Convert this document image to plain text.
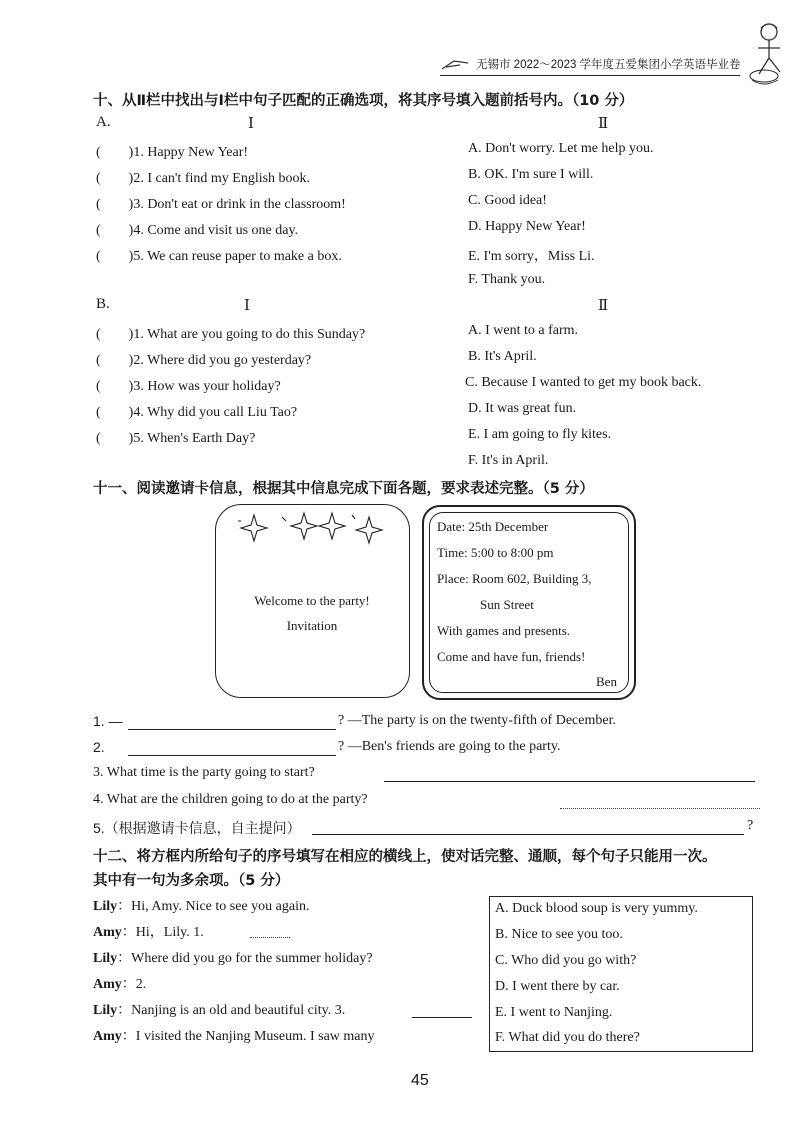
无锡市 2022～2023 学年度五爱集团小学英语毕业卷
十、从Ⅱ栏中找出与Ⅰ栏中句子匹配的正确选项，将其序号填入题前括号内。（10 分）
A.	Ⅰ	Ⅱ
(　　)1. Happy New Year!
(　　)2. I can't find my English book.
(　　)3. Don't eat or drink in the classroom!
(　　)4. Come and visit us one day.
(　　)5. We can reuse paper to make a box.
A. Don't worry. Let me help you.
B. OK. I'm sure I will.
C. Good idea!
D. Happy New Year!
E. I'm sorry，Miss Li.
F. Thank you.
B.	Ⅰ	Ⅱ
(　　)1. What are you going to do this Sunday?
(　　)2. Where did you go yesterday?
(　　)3. How was your holiday?
(　　)4. Why did you call Liu Tao?
(　　)5. When's Earth Day?
A. I went to a farm.
B. It's April.
C. Because I wanted to get my book back.
D. It was great fun.
E. I am going to fly kites.
F. It's in April.
十一、阅读邀请卡信息，根据其中信息完成下面各题，要求表述完整。（5 分）
Welcome to the party!
Invitation
Date: 25th December
Time: 5:00 to 8:00 pm
Place: Room 602, Building 3,
Sun Street
With games and presents.
Come and have fun, friends!
Ben
1. —	? —The party is on the twenty-fifth of December.
2.	? —Ben's friends are going to the party.
3. What time is the party going to start?
4. What are the children going to do at the party?
5.（根据邀请卡信息，自主提问）	?
十二、将方框内所给句子的序号填写在相应的横线上，使对话完整、通顺，每个句子只能用一次。
其中有一句为多余项。（5 分）
Lily：Hi, Amy. Nice to see you again.
Amy：Hi，Lily. 1.
Lily：Where did you go for the summer holiday?
Amy：2.
Lily：Nanjing is an old and beautiful city. 3.
Amy：I visited the Nanjing Museum. I saw many
A. Duck blood soup is very yummy.
B. Nice to see you too.
C. Who did you go with?
D. I went there by car.
E. I went to Nanjing.
F. What did you do there?
45
